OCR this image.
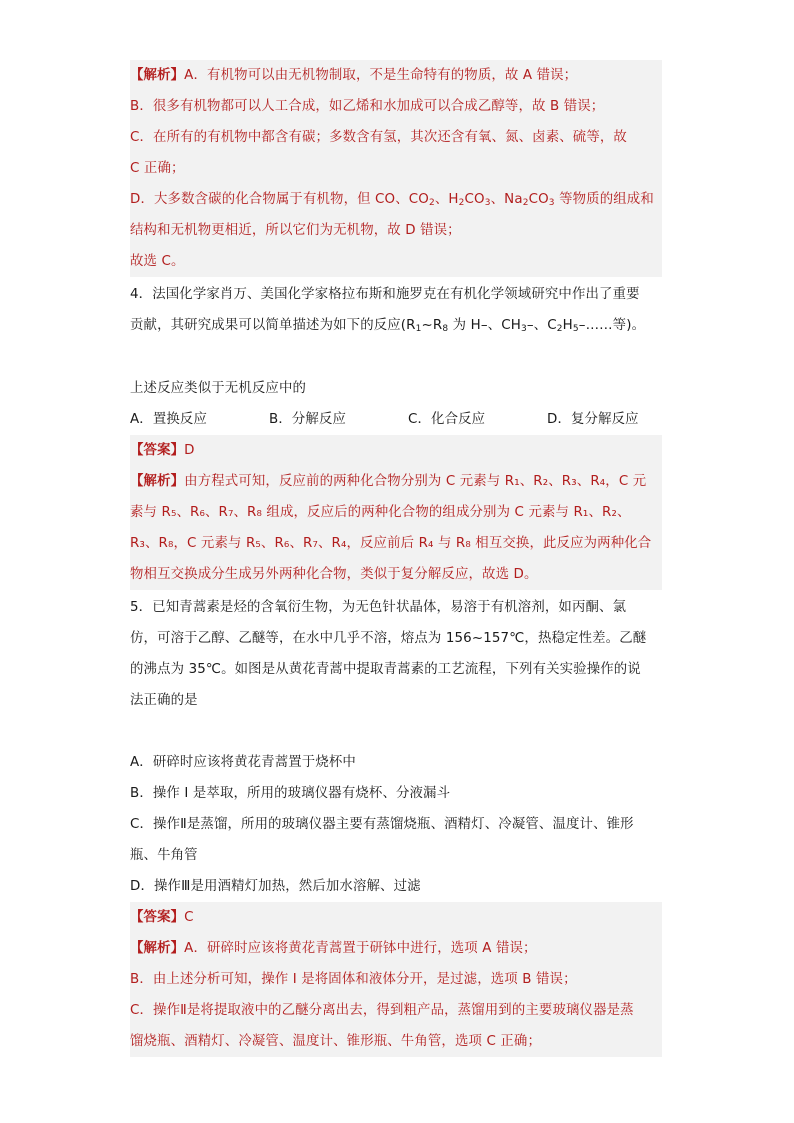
【解析】A．有机物可以由无机物制取，不是生命特有的物质，故 A 错误；
B．很多有机物都可以人工合成，如乙烯和水加成可以合成乙醇等，故 B 错误；
C．在所有的有机物中都含有碳；多数含有氢，其次还含有氧、氮、卤素、硫等，故
C 正确；
D．大多数含碳的化合物属于有机物，但 CO、$CO_2$、$H_2CO_3$、$Na_2CO_3$ 等物质的组成和
结构和无机物更相近，所以它们为无机物，故 D 错误；
故选 C。
4．法国化学家肖万、美国化学家格拉布斯和施罗克在有机化学领域研究中作出了重要
贡献，其研究成果可以简单描述为如下的反应($R_1\sim R_8$ 为 H–、$CH_3-$、$C_2H_5-\dots\dots$等)。
上述反应类似于无机反应中的
A．置换反应	B．分解反应	C．化合反应	D．复分解反应
【答案】D
【解析】由方程式可知，反应前的两种化合物分别为 C 元素与 R₁、R₂、R₃、R₄，C 元
素与 R₅、R₆、R₇、R₈ 组成，反应后的两种化合物的组成分别为 C 元素与 R₁、R₂、
R₃、R₈，C 元素与 R₅、R₆、R₇、R₄，反应前后 R₄ 与 R₈ 相互交换，此反应为两种化合
物相互交换成分生成另外两种化合物，类似于复分解反应，故选 D。
5．已知青蒿素是烃的含氧衍生物，为无色针状晶体，易溶于有机溶剂，如丙酮、氯
仿，可溶于乙醇、乙醚等，在水中几乎不溶，熔点为 156~157℃，热稳定性差。乙醚
的沸点为 35℃。如图是从黄花青蒿中提取青蒿素的工艺流程，下列有关实验操作的说
法正确的是
A．研碎时应该将黄花青蒿置于烧杯中
B．操作 I 是萃取，所用的玻璃仪器有烧杯、分液漏斗
C．操作Ⅱ是蒸馏，所用的玻璃仪器主要有蒸馏烧瓶、酒精灯、冷凝管、温度计、锥形
瓶、牛角管
D．操作Ⅲ是用酒精灯加热，然后加水溶解、过滤
【答案】C
【解析】A．研碎时应该将黄花青蒿置于研钵中进行，选项 A 错误；
B．由上述分析可知，操作 I 是将固体和液体分开，是过滤，选项 B 错误；
C．操作Ⅱ是将提取液中的乙醚分离出去，得到粗产品，蒸馏用到的主要玻璃仪器是蒸
馏烧瓶、酒精灯、冷凝管、温度计、锥形瓶、牛角管，选项 C 正确；
